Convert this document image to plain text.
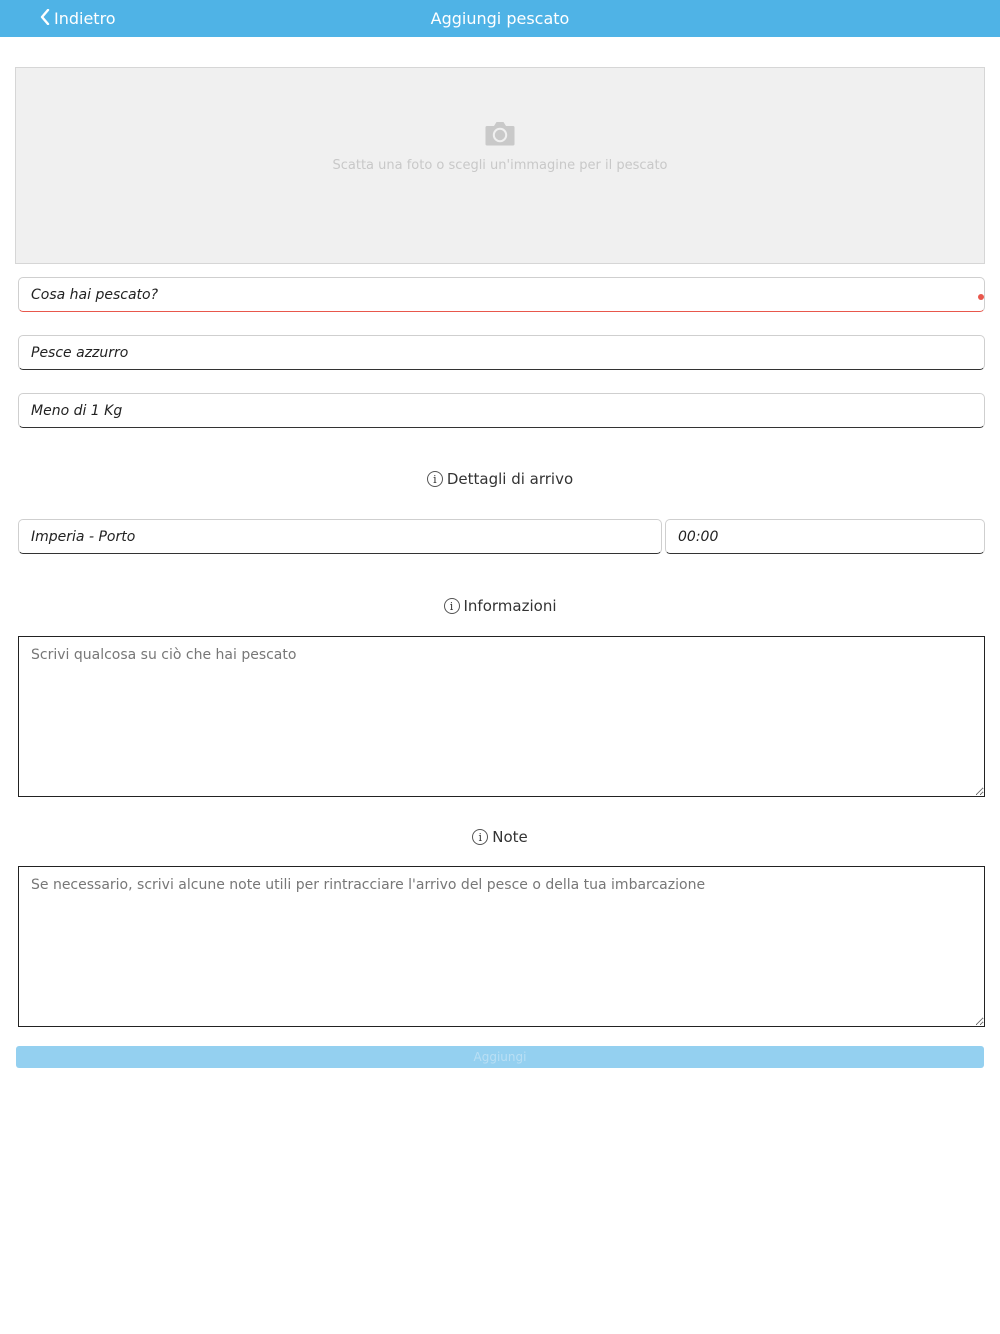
Indietro	Aggiungi pescato
Scatta una foto o scegli un'immagine per il pescato
Cosa hai pescato?
Pesce azzurro
Meno di 1 Kg
i Dettagli di arrivo
Imperia - Porto
00:00
i Informazioni
Scrivi qualcosa su ciò che hai pescato
i Note
Se necessario, scrivi alcune note utili per rintracciare l'arrivo del pesce o della tua imbarcazione
Aggiungi
